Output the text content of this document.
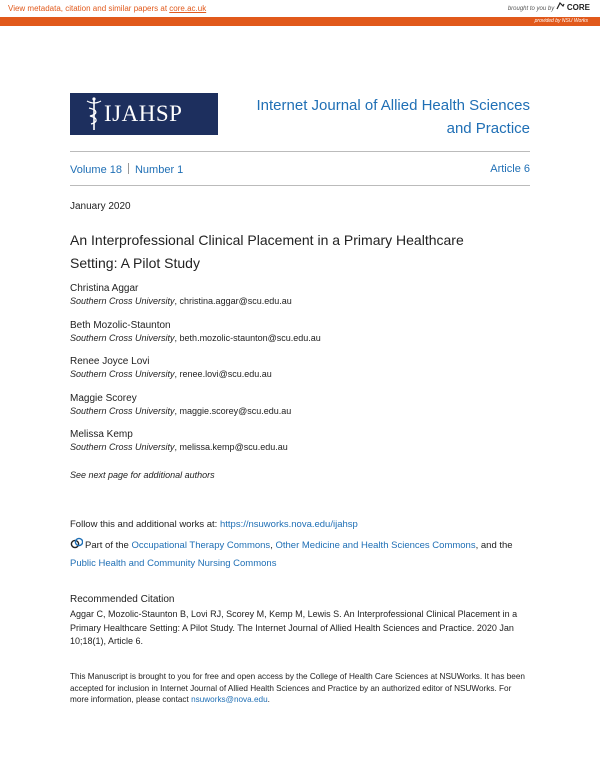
View metadata, citation and similar papers at core.ac.uk	brought to you by CORE
provided by NSU Works
IJAHSP	Internet Journal of Allied Health Sciences
and Practice
Volume 18 Number 1	Article 6
January 2020
An Interprofessional Clinical Placement in a Primary Healthcare
Setting: A Pilot Study
Christina Aggar
Southern Cross University, christina.aggar@scu.edu.au
Beth Mozolic-Staunton
Southern Cross University, beth.mozolic-staunton@scu.edu.au
Renee Joyce Lovi
Southern Cross University, renee.lovi@scu.edu.au
Maggie Scorey
Southern Cross University, maggie.scorey@scu.edu.au
Melissa Kemp
Southern Cross University, melissa.kemp@scu.edu.au
See next page for additional authors
Follow this and additional works at: https://nsuworks.nova.edu/ijahsp
Part of the Occupational Therapy Commons, Other Medicine and Health Sciences Commons, and the
Public Health and Community Nursing Commons
Recommended Citation
Aggar C, Mozolic-Staunton B, Lovi RJ, Scorey M, Kemp M, Lewis S. An Interprofessional Clinical Placement in a Primary Healthcare Setting: A Pilot Study. The Internet Journal of Allied Health Sciences and Practice. 2020 Jan 10;18(1), Article 6.
This Manuscript is brought to you for free and open access by the College of Health Care Sciences at NSUWorks. It has been accepted for inclusion in Internet Journal of Allied Health Sciences and Practice by an authorized editor of NSUWorks. For more information, please contact nsuworks@nova.edu.
